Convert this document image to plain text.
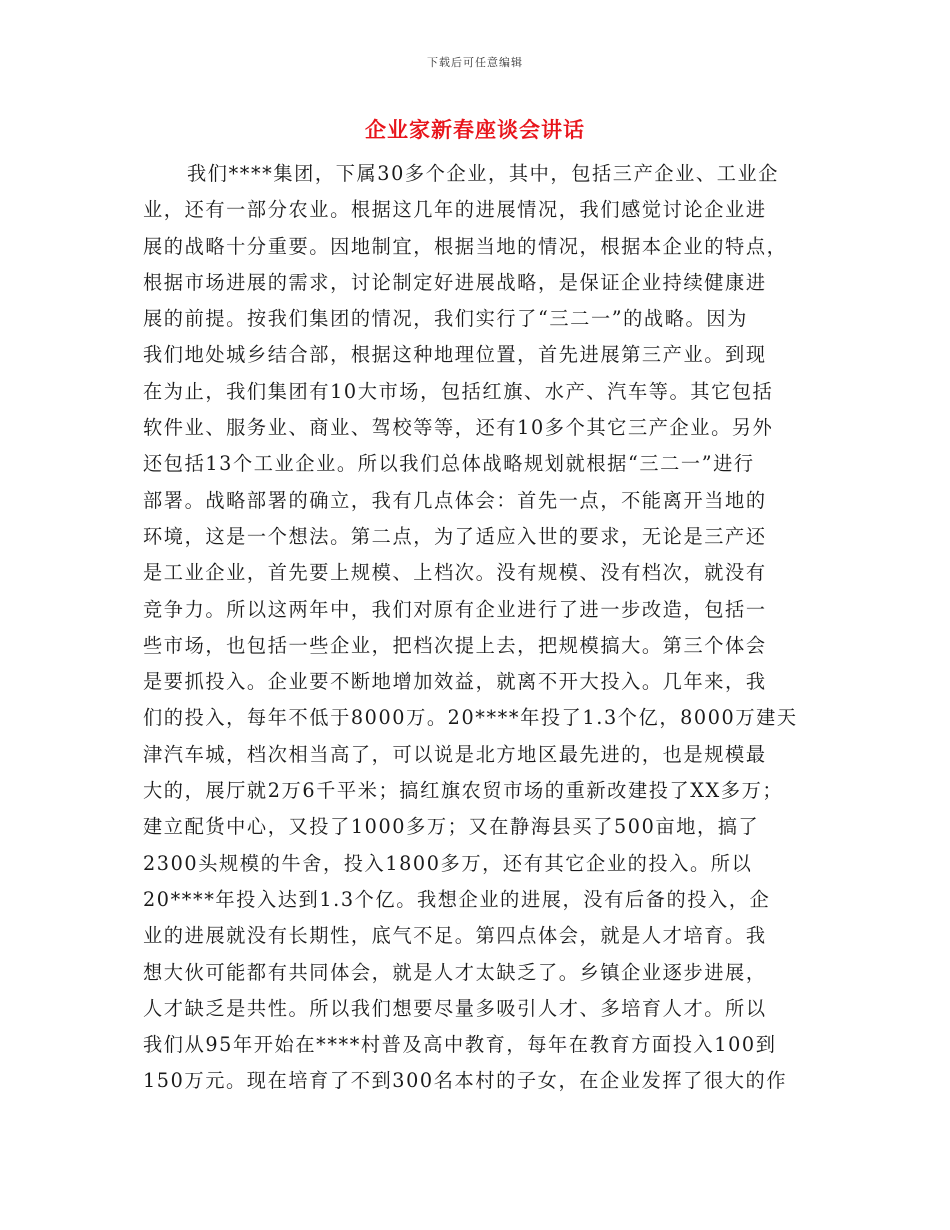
下载后可任意编辑
企业家新春座谈会讲话
我们****集团，下属30多个企业，其中，包括三产企业、工业企
业，还有一部分农业。根据这几年的进展情况，我们感觉讨论企业进
展的战略十分重要。因地制宜，根据当地的情况，根据本企业的特点，
根据市场进展的需求，讨论制定好进展战略，是保证企业持续健康进
展的前提。按我们集团的情况，我们实行了“三二一”的战略。因为
我们地处城乡结合部，根据这种地理位置，首先进展第三产业。到现
在为止，我们集团有10大市场，包括红旗、水产、汽车等。其它包括
软件业、服务业、商业、驾校等等，还有10多个其它三产企业。另外
还包括13个工业企业。所以我们总体战略规划就根据“三二一”进行
部署。战略部署的确立，我有几点体会：首先一点，不能离开当地的
环境，这是一个想法。第二点，为了适应入世的要求，无论是三产还
是工业企业，首先要上规模、上档次。没有规模、没有档次，就没有
竞争力。所以这两年中，我们对原有企业进行了进一步改造，包括一
些市场，也包括一些企业，把档次提上去，把规模搞大。第三个体会
是要抓投入。企业要不断地增加效益，就离不开大投入。几年来，我
们的投入，每年不低于8000万。20****年投了1.3个亿，8000万建天
津汽车城，档次相当高了，可以说是北方地区最先进的，也是规模最
大的，展厅就2万6千平米；搞红旗农贸市场的重新改建投了XX多万；
建立配货中心，又投了1000多万；又在静海县买了500亩地，搞了
2300头规模的牛舍，投入1800多万，还有其它企业的投入。所以
20****年投入达到1.3个亿。我想企业的进展，没有后备的投入，企
业的进展就没有长期性，底气不足。第四点体会，就是人才培育。我
想大伙可能都有共同体会，就是人才太缺乏了。乡镇企业逐步进展，
人才缺乏是共性。所以我们想要尽量多吸引人才、多培育人才。所以
我们从95年开始在****村普及高中教育，每年在教育方面投入100到
150万元。现在培育了不到300名本村的子女，在企业发挥了很大的作
